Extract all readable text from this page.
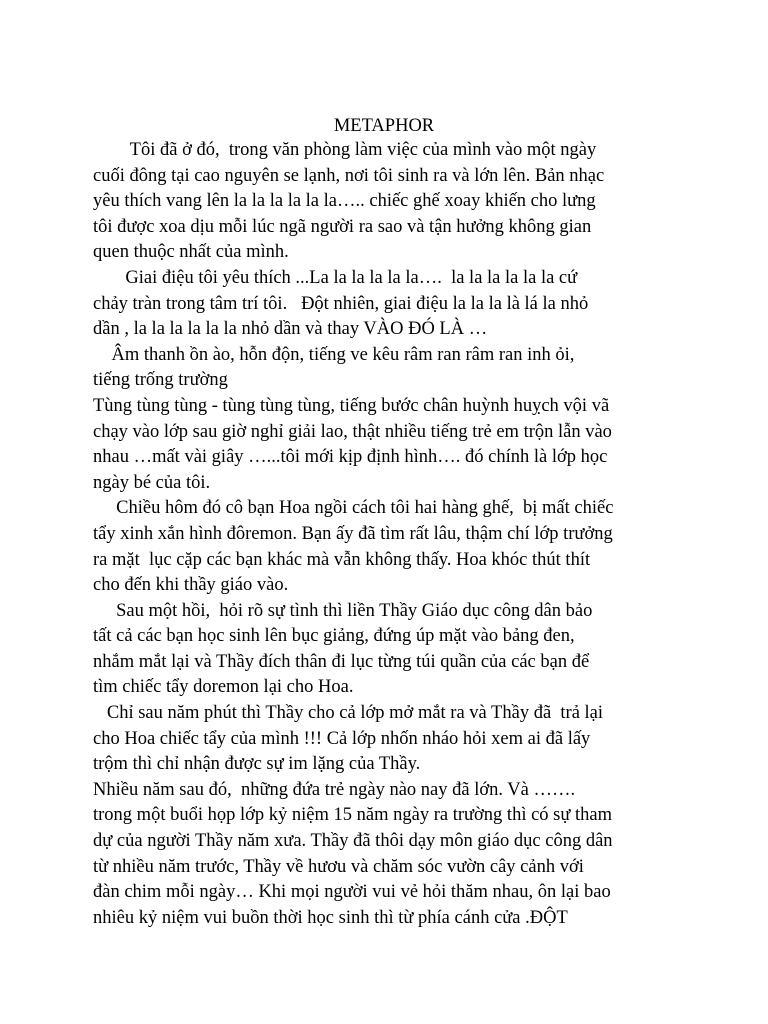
METAPHOR
Tôi đã ở đó,  trong văn phòng làm việc của mình vào một ngày
cuối đông tại cao nguyên se lạnh, nơi tôi sinh ra và lớn lên. Bản nhạc
yêu thích vang lên la la la la la la….. chiếc ghế xoay khiến cho lưng
tôi được xoa dịu mỗi lúc ngã người ra sao và tận hưởng không gian
quen thuộc nhất của mình.
Giai điệu tôi yêu thích ...La la la la la la….  la la la la la la cứ
chảy tràn trong tâm trí tôi.   Đột nhiên, giai điệu la la la là lá la nhỏ
dần , la la la la la la nhỏ dần và thay VÀO ĐÓ LÀ …
Âm thanh ồn ào, hỗn độn, tiếng ve kêu râm ran râm ran inh ỏi,
tiếng trống trường
Tùng tùng tùng - tùng tùng tùng, tiếng bước chân huỳnh huỵch vội vã
chạy vào lớp sau giờ nghỉ giải lao, thật nhiều tiếng trẻ em trộn lẫn vào
nhau …mất vài giây …...tôi mới kịp định hình…. đó chính là lớp học
ngày bé của tôi.
Chiều hôm đó cô bạn Hoa ngồi cách tôi hai hàng ghế,  bị mất chiếc
tẩy xinh xắn hình đôremon. Bạn ấy đã tìm rất lâu, thậm chí lớp trưởng
ra mặt  lục cặp các bạn khác mà vẫn không thấy. Hoa khóc thút thít
cho đến khi thầy giáo vào.
Sau một hồi,  hỏi rõ sự tình thì liền Thầy Giáo dục công dân bảo
tất cả các bạn học sinh lên bục giảng, đứng úp mặt vào bảng đen,
nhắm mắt lại và Thầy đích thân đi lục từng túi quần của các bạn để
tìm chiếc tẩy doremon lại cho Hoa.
Chỉ sau năm phút thì Thầy cho cả lớp mở mắt ra và Thầy đã  trả lại
cho Hoa chiếc tẩy của mình !!! Cả lớp nhốn nháo hỏi xem ai đã lấy
trộm thì chỉ nhận được sự im lặng của Thầy.
Nhiều năm sau đó,  những đứa trẻ ngày nào nay đã lớn. Và …….
trong một buổi họp lớp kỷ niệm 15 năm ngày ra trường thì có sự tham
dự của người Thầy năm xưa. Thầy đã thôi dạy môn giáo dục công dân
từ nhiều năm trước, Thầy về hươu và chăm sóc vườn cây cảnh với
đàn chim mỗi ngày… Khi mọi người vui vẻ hỏi thăm nhau, ôn lại bao
nhiêu kỷ niệm vui buồn thời học sinh thì từ phía cánh cửa .ĐỘT
